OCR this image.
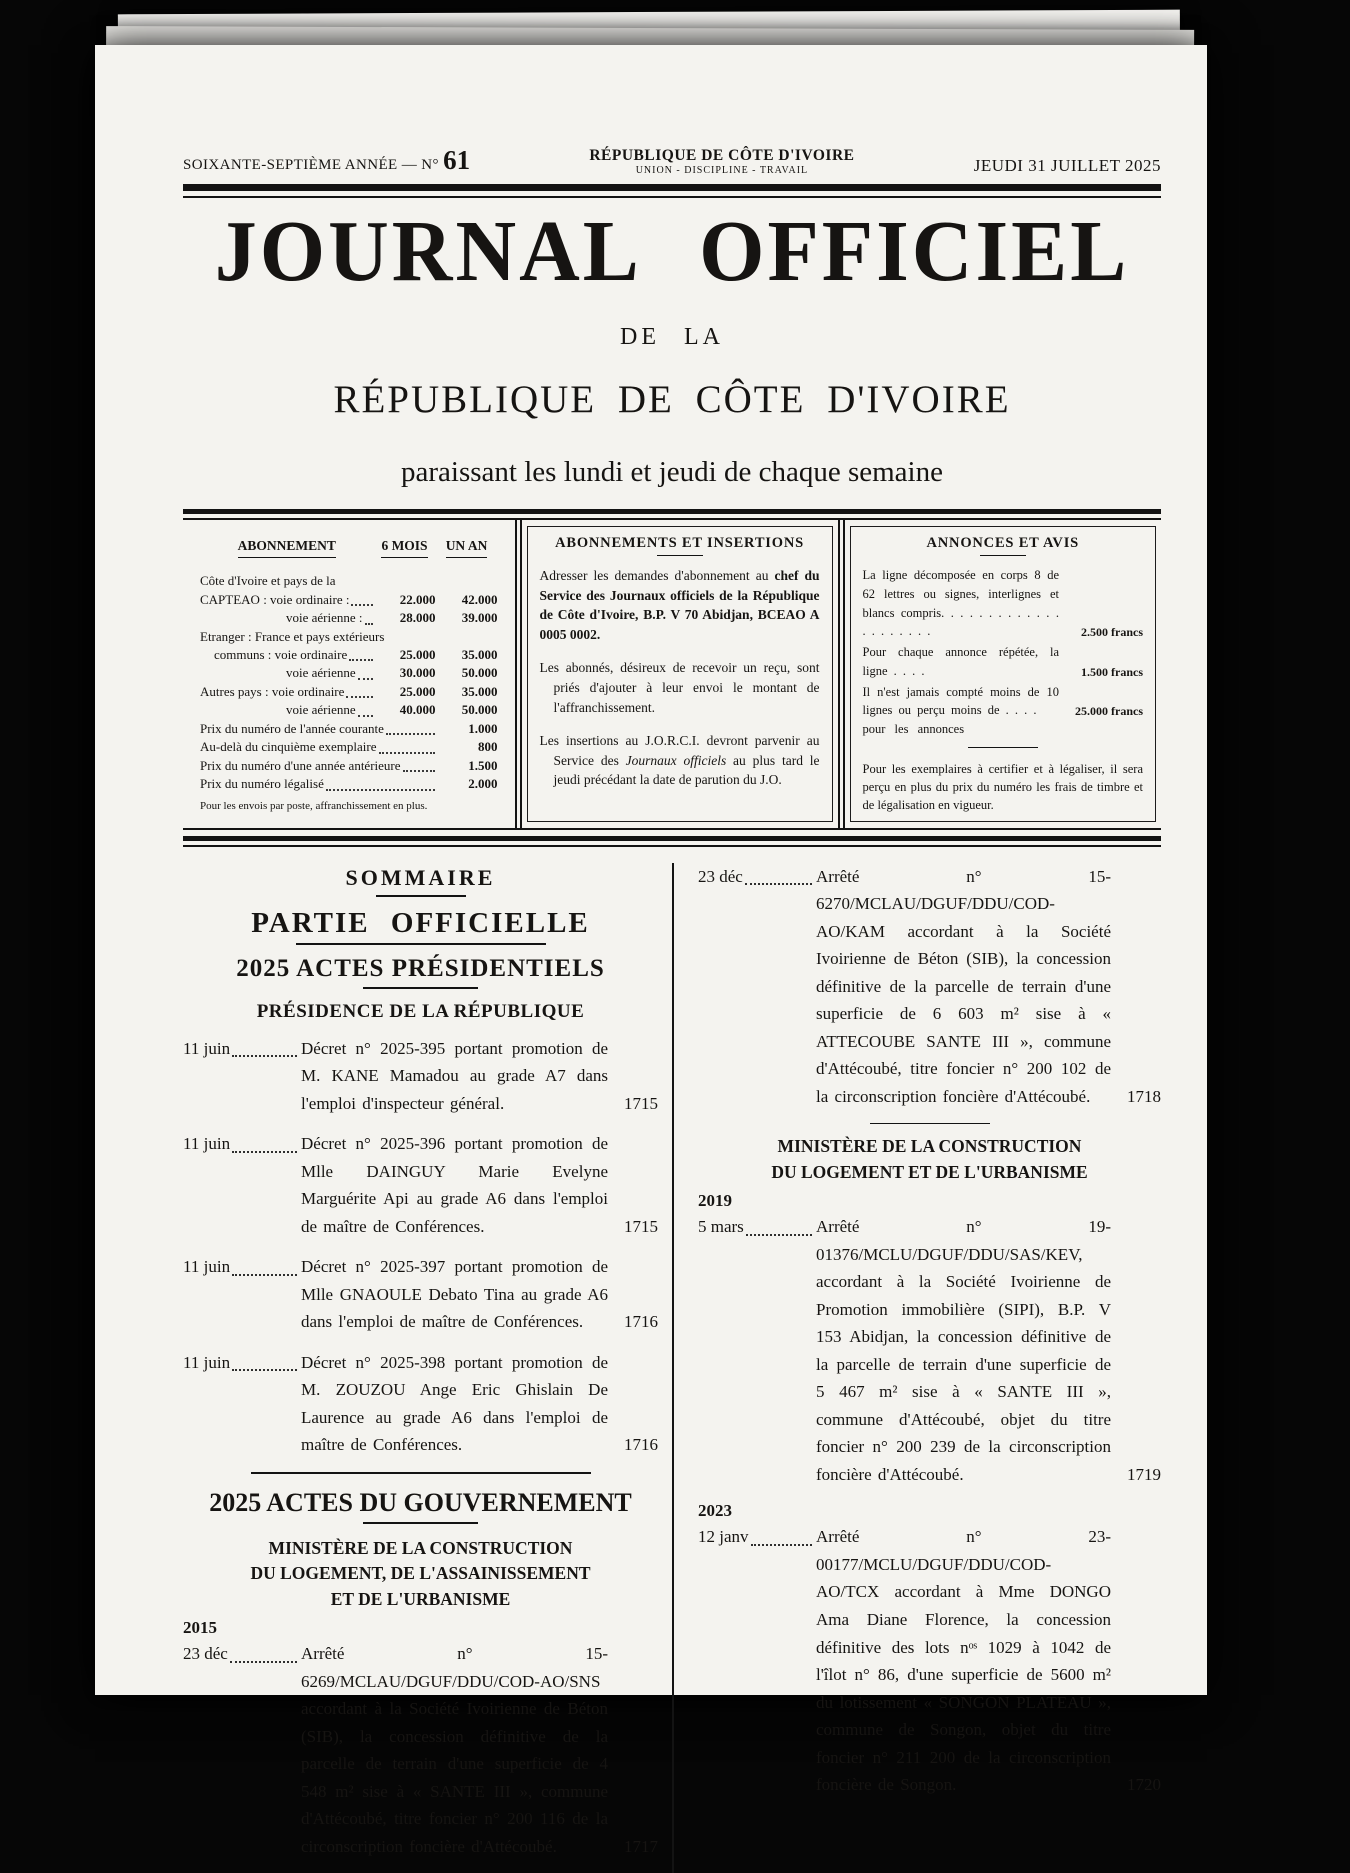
SOIXANTE-SEPTIÈME ANNÉE — N° 61	RÉPUBLIQUE DE CÔTE D'IVOIRE
UNION - DISCIPLINE - TRAVAIL	JEUDI 31 JUILLET 2025
JOURNAL OFFICIEL
DE LA
RÉPUBLIQUE DE CÔTE D'IVOIRE
paraissant les lundi et jeudi de chaque semaine
ABONNEMENT	6 MOIS	UN AN
Côte d'Ivoire et pays de la
CAPTEAO : voie ordinaire :	22.000	42.000
voie aérienne :	28.000	39.000
Etranger : France et pays extérieurs
communs : voie ordinaire	25.000	35.000
voie aérienne	30.000	50.000
Autres pays : voie ordinaire	25.000	35.000
voie aérienne	40.000	50.000
Prix du numéro de l'année courante	1.000
Au-delà du cinquième exemplaire	800
Prix du numéro d'une année antérieure	1.500
Prix du numéro légalisé	2.000
Pour les envois par poste, affranchissement en plus.
ABONNEMENTS ET INSERTIONS

Adresser les demandes d'abonnement au chef du Service des Journaux officiels de la République de Côte d'Ivoire, B.P. V 70 Abidjan, BCEAO A 0005 0002.

Les abonnés, désireux de recevoir un reçu, sont priés d'ajouter à leur envoi le montant de l'affranchissement.

Les insertions au J.O.R.C.I. devront parvenir au Service des Journaux officiels au plus tard le jeudi précédant la date de parution du J.O.

ANNONCES ET AVIS
La ligne décomposée en corps 8 de 62 lettres ou signes, interlignes et blancs compris. . . . . . . . . . . . . . . . . . . . .	2.500 francs
Pour chaque annonce répétée, la ligne . . . .	1.500 francs
Il n'est jamais compté moins de 10 lignes ou perçu moins de . . . .	25.000 francs
pour les annonces
Pour les exemplaires à certifier et à légaliser, il sera perçu en plus du prix du numéro les frais de timbre et de légalisation en vigueur.
SOMMAIRE
PARTIE OFFICIELLE
2025 ACTES PRÉSIDENTIELS
PRÉSIDENCE DE LA RÉPUBLIQUE
11 juin	Décret n° 2025-395 portant promotion de M. KANE Mamadou au grade A7 dans l'emploi d'inspecteur général.	1715
11 juin	Décret n° 2025-396 portant promotion de Mlle DAINGUY Marie Evelyne Marguérite Api au grade A6 dans l'emploi de maître de Conférences.	1715
11 juin	Décret n° 2025-397 portant promotion de Mlle GNAOULE Debato Tina au grade A6 dans l'emploi de maître de Conférences.	1716
11 juin	Décret n° 2025-398 portant promotion de M. ZOUZOU Ange Eric Ghislain De Laurence au grade A6 dans l'emploi de maître de Conférences.	1716
2025 ACTES DU GOUVERNEMENT
MINISTÈRE DE LA CONSTRUCTION
DU LOGEMENT, DE L'ASSAINISSEMENT
ET DE L'URBANISME
2015
23 déc	Arrêté n° 15-6269/MCLAU/DGUF/DDU/COD-AO/SNS accordant à la Société Ivoirienne de Béton (SIB), la concession définitive de la parcelle de terrain d'une superficie de 4 548 m² sise à « SANTE III », commune d'Attécoubé, titre foncier n° 200 116 de la circonscription foncière d'Attécoubé.	1717
23 déc	Arrêté n° 15-6270/MCLAU/DGUF/DDU/COD-AO/KAM accordant à la Société Ivoirienne de Béton (SIB), la concession définitive de la parcelle de terrain d'une superficie de 6 603 m² sise à « ATTECOUBE SANTE III », commune d'Attécoubé, titre foncier n° 200 102 de la circonscription foncière d'Attécoubé.	1718
MINISTÈRE DE LA CONSTRUCTION
DU LOGEMENT ET DE L'URBANISME
2019
5 mars	Arrêté n° 19-01376/MCLU/DGUF/DDU/SAS/KEV, accordant à la Société Ivoirienne de Promotion immobilière (SIPI), B.P. V 153 Abidjan, la concession définitive de la parcelle de terrain d'une superficie de 5 467 m² sise à « SANTE III », commune d'Attécoubé, objet du titre foncier n° 200 239 de la circonscription foncière d'Attécoubé.	1719
2023
12 janv	Arrêté n° 23-00177/MCLU/DGUF/DDU/COD-AO/TCX accordant à Mme DONGO Ama Diane Florence, la concession définitive des lots nᵒˢ 1029 à 1042 de l'îlot n° 86, d'une superficie de 5600 m² du lotissement « SONGON PLATEAU », commune de Songon, objet du titre foncier n° 211 200 de la circonscription foncière de Songon.	1720
